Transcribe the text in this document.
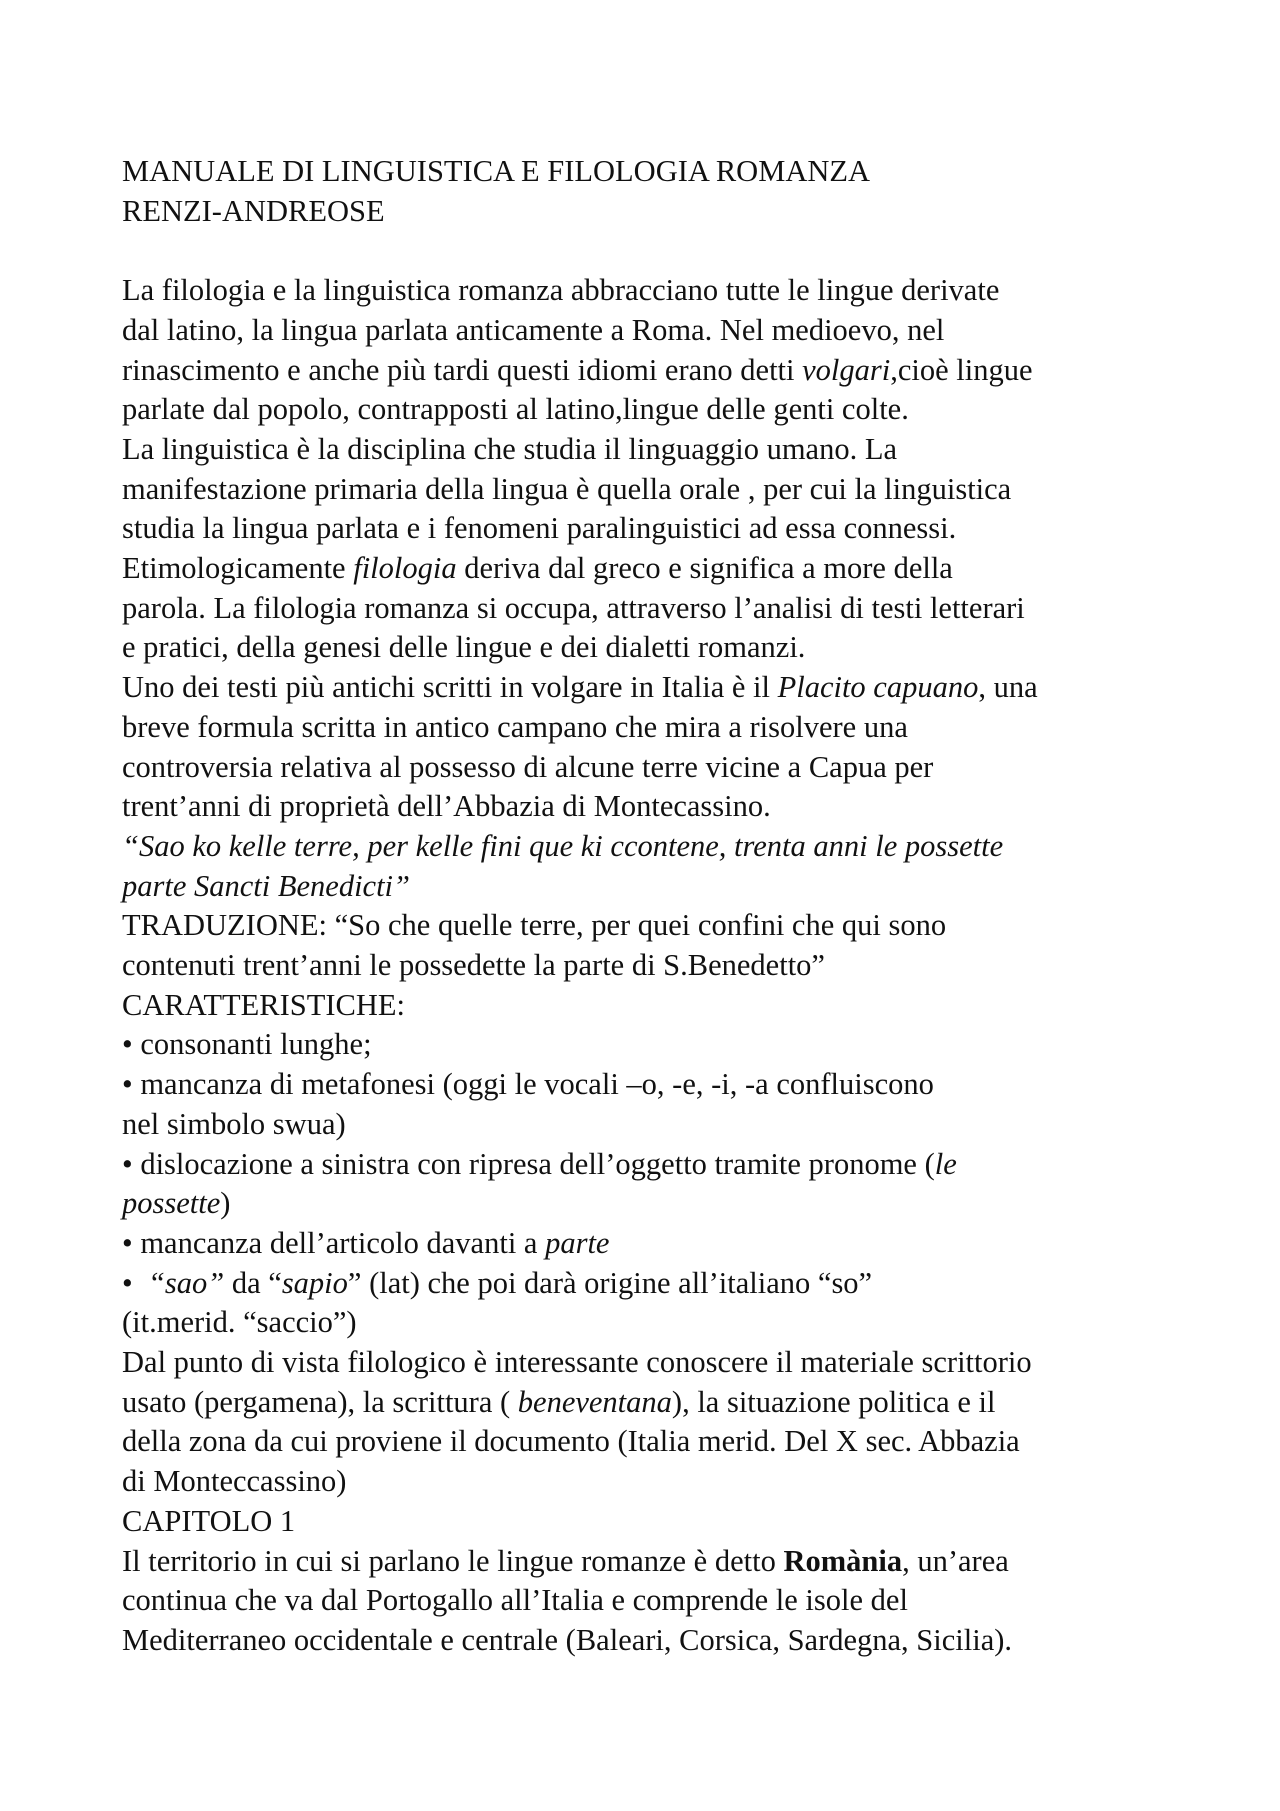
MANUALE DI LINGUISTICA E FILOLOGIA ROMANZA
RENZI-ANDREOSE
La filologia e la linguistica romanza abbracciano tutte le lingue derivate
dal latino, la lingua parlata anticamente a Roma. Nel medioevo, nel
rinascimento e anche più tardi questi idiomi erano detti volgari,cioè lingue
parlate dal popolo, contrapposti al latino,lingue delle genti colte.
La linguistica è la disciplina che studia il linguaggio umano. La
manifestazione primaria della lingua è quella orale , per cui la linguistica
studia la lingua parlata e i fenomeni paralinguistici ad essa connessi.
Etimologicamente filologia deriva dal greco e significa a more della
parola. La filologia romanza si occupa, attraverso l’analisi di testi letterari
e pratici, della genesi delle lingue e dei dialetti romanzi.
Uno dei testi più antichi scritti in volgare in Italia è il Placito capuano, una
breve formula scritta in antico campano che mira a risolvere una
controversia relativa al possesso di alcune terre vicine a Capua per
trent’anni di proprietà dell’Abbazia di Montecassino.
“Sao ko kelle terre, per kelle fini que ki ccontene, trenta anni le possette
parte Sancti Benedicti”
TRADUZIONE: “So che quelle terre, per quei confini che qui sono
contenuti trent’anni le possedette la parte di S.Benedetto”
CARATTERISTICHE:
• consonanti lunghe;
• mancanza di metafonesi (oggi le vocali –o, -e, -i, -a confluiscono
nel simbolo swua)
• dislocazione a sinistra con ripresa dell’oggetto tramite pronome (le
possette)
• mancanza dell’articolo davanti a parte
• “sao” da “sapio” (lat) che poi darà origine all’italiano “so”
(it.merid. “saccio”)
Dal punto di vista filologico è interessante conoscere il materiale scrittorio
usato (pergamena), la scrittura ( beneventana), la situazione politica e il
della zona da cui proviene il documento (Italia merid. Del X sec. Abbazia
di Monteccassino)
CAPITOLO 1
Il territorio in cui si parlano le lingue romanze è detto Romània, un’area
continua che va dal Portogallo all’Italia e comprende le isole del
Mediterraneo occidentale e centrale (Baleari, Corsica, Sardegna, Sicilia).
